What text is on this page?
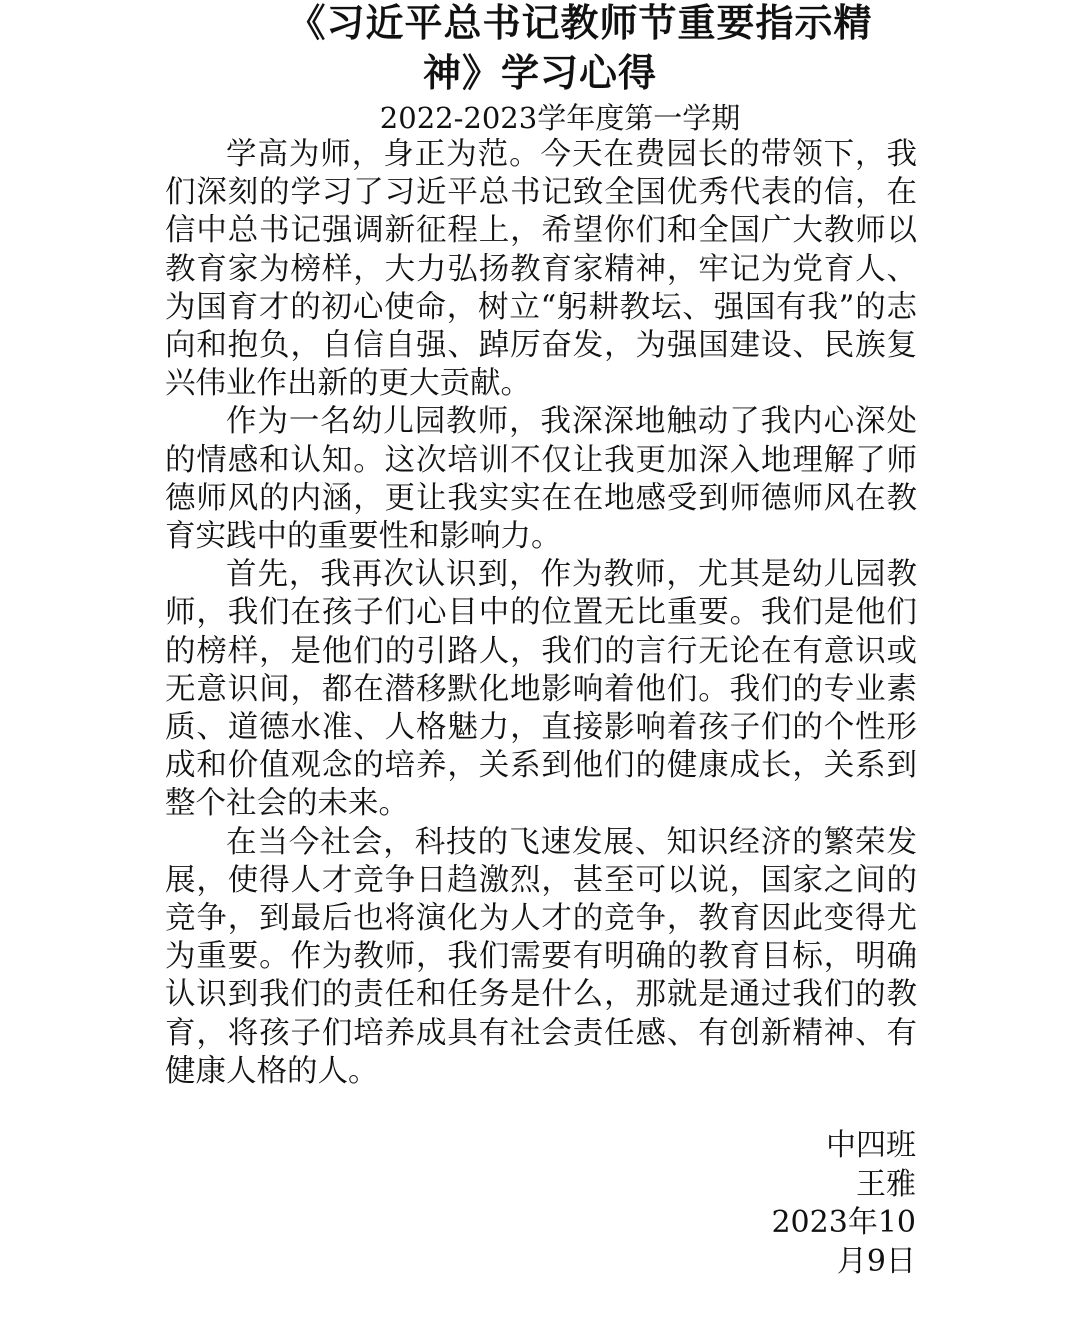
《习近平总书记教师节重要指示精
神》学习心得
2022-2023学年度第一学期

学高为师，身正为范。今天在费园长的带领下，我们深刻的学习了习近平总书记致全国优秀代表的信，在信中总书记强调新征程上，希望你们和全国广大教师以教育家为榜样，大力弘扬教育家精神，牢记为党育人、为国育才的初心使命，树立“躬耕教坛、强国有我”的志向和抱负，自信自强、踔厉奋发，为强国建设、民族复兴伟业作出新的更大贡献。

作为一名幼儿园教师，我深深地触动了我内心深处的情感和认知。这次培训不仅让我更加深入地理解了师德师风的内涵，更让我实实在在地感受到师德师风在教育实践中的重要性和影响力。

首先，我再次认识到，作为教师，尤其是幼儿园教师，我们在孩子们心目中的位置无比重要。我们是他们的榜样，是他们的引路人，我们的言行无论在有意识或无意识间，都在潜移默化地影响着他们。我们的专业素质、道德水准、人格魅力，直接影响着孩子们的个性形成和价值观念的培养，关系到他们的健康成长，关系到整个社会的未来。

在当今社会，科技的飞速发展、知识经济的繁荣发展，使得人才竞争日趋激烈，甚至可以说，国家之间的竞争，到最后也将演化为人才的竞争，教育因此变得尤为重要。作为教师，我们需要有明确的教育目标，明确认识到我们的责任和任务是什么，那就是通过我们的教育，将孩子们培养成具有社会责任感、有创新精神、有健康人格的人。

中四班
王雅
2023年10
月9日
